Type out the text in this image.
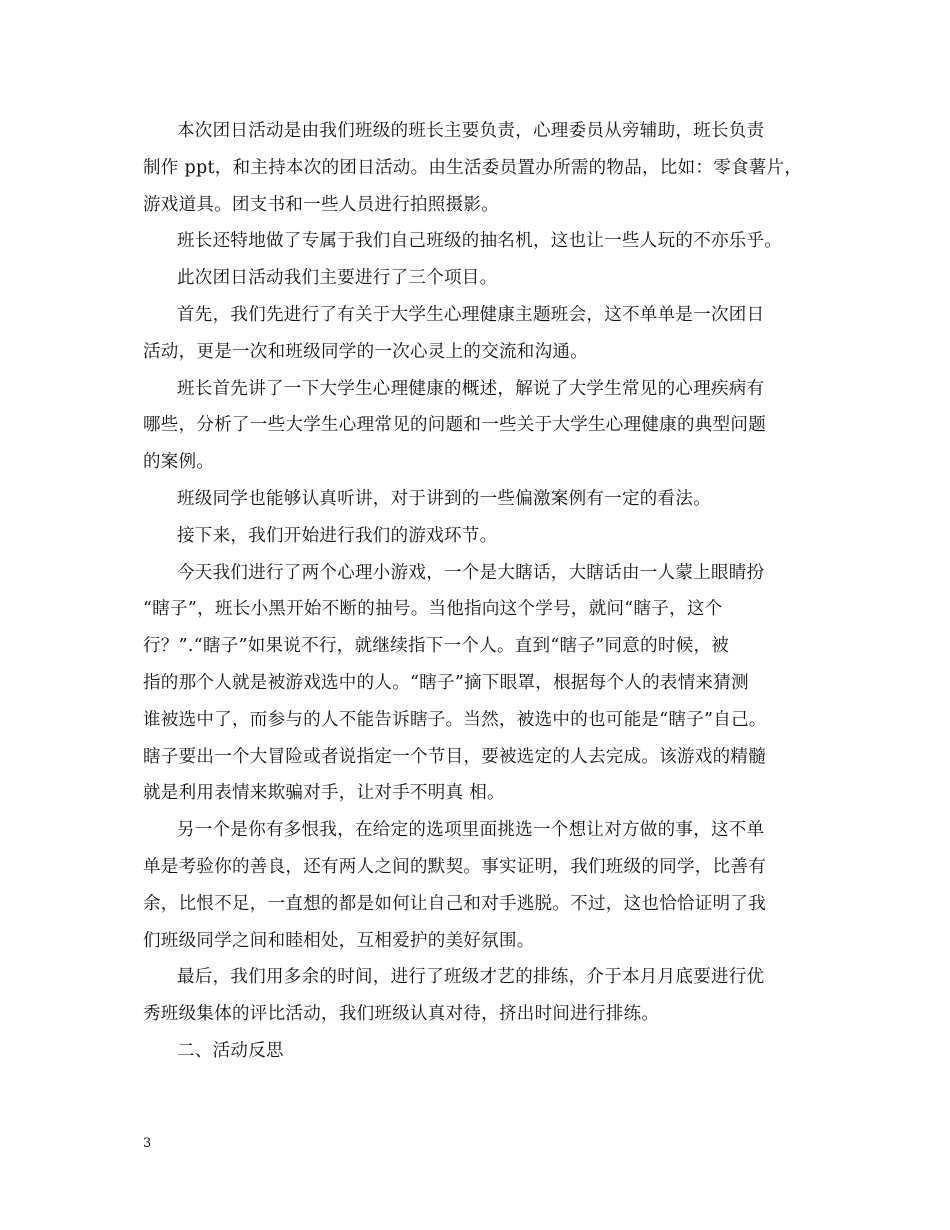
本次团日活动是由我们班级的班长主要负责，心理委员从旁辅助，班长负责
制作 ppt，和主持本次的团日活动。由生活委员置办所需的物品，比如：零食薯片，
游戏道具。团支书和一些人员进行拍照摄影。
班长还特地做了专属于我们自己班级的抽名机，这也让一些人玩的不亦乐乎。
此次团日活动我们主要进行了三个项目。
首先，我们先进行了有关于大学生心理健康主题班会，这不单单是一次团日
活动，更是一次和班级同学的一次心灵上的交流和沟通。
班长首先讲了一下大学生心理健康的概述，解说了大学生常见的心理疾病有
哪些，分析了一些大学生心理常见的问题和一些关于大学生心理健康的典型问题
的案例。
班级同学也能够认真听讲，对于讲到的一些偏激案例有一定的看法。
接下来，我们开始进行我们的游戏环节。
今天我们进行了两个心理小游戏，一个是大瞎话，大瞎话由一人蒙上眼睛扮
“瞎子”，班长小黑开始不断的抽号。当他指向这个学号，就问“瞎子，这个
行？”.“瞎子”如果说不行，就继续指下一个人。直到“瞎子”同意的时候，被
指的那个人就是被游戏选中的人。“瞎子”摘下眼罩，根据每个人的表情来猜测
谁被选中了，而参与的人不能告诉瞎子。当然，被选中的也可能是“瞎子”自己。
瞎子要出一个大冒险或者说指定一个节目，要被选定的人去完成。该游戏的精髓
就是利用表情来欺骗对手，让对手不明真 相。
另一个是你有多恨我，在给定的选项里面挑选一个想让对方做的事，这不单
单是考验你的善良，还有两人之间的默契。事实证明，我们班级的同学，比善有
余，比恨不足，一直想的都是如何让自己和对手逃脱。不过，这也恰恰证明了我
们班级同学之间和睦相处，互相爱护的美好氛围。
最后，我们用多余的时间，进行了班级才艺的排练，介于本月月底要进行优
秀班级集体的评比活动，我们班级认真对待，挤出时间进行排练。
二、活动反思
3
